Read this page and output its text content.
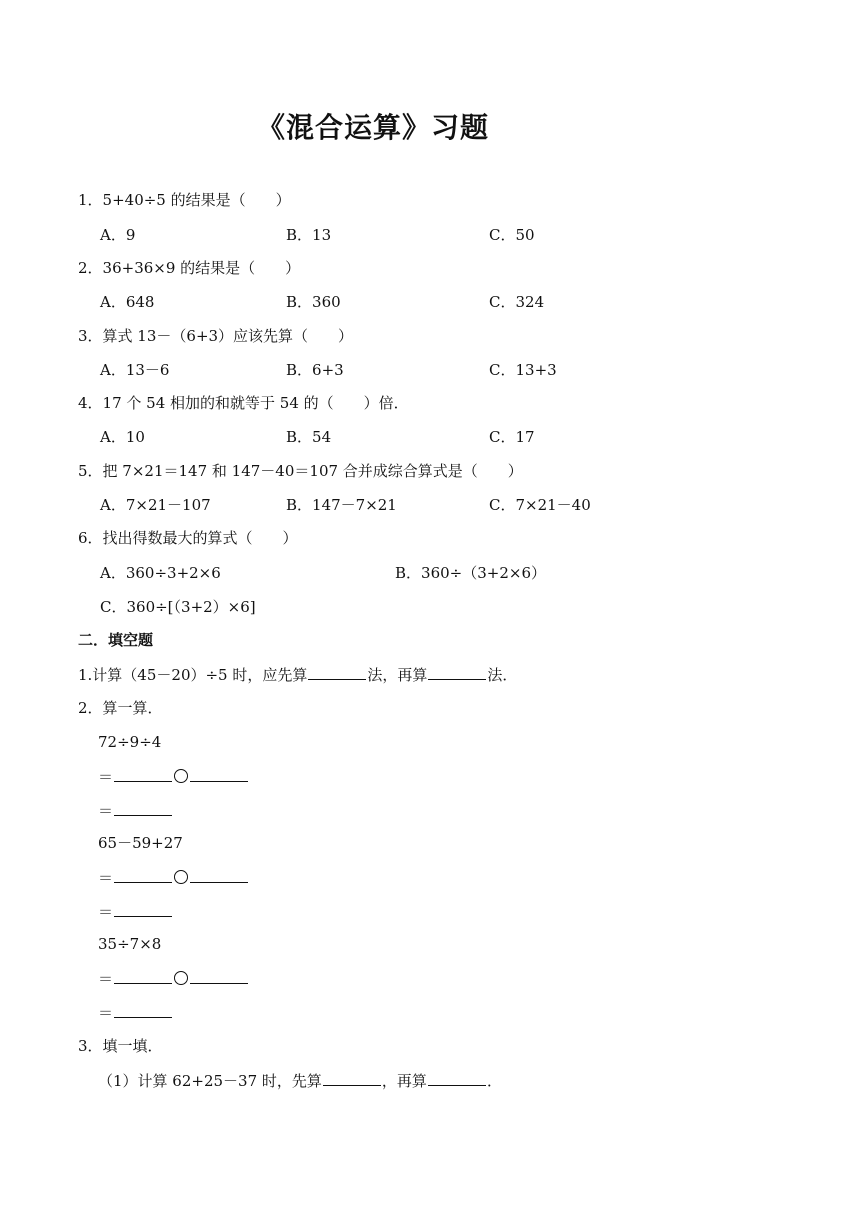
《混合运算》习题
1．5+40÷5 的结果是（　　）
A．9	B．13	C．50
2．36+36×9 的结果是（　　）
A．648	B．360	C．324
3．算式 13－（6+3）应该先算（　　）
A．13－6	B．6+3	C．13+3
4．17 个 54 相加的和就等于 54 的（　　）倍．
A．10	B．54	C．17
5．把 7×21＝147 和 147－40＝107 合并成综合算式是（　　）
A．7×21－107	B．147－7×21	C．7×21－40
6．找出得数最大的算式（　　）
A．360÷3+2×6	B．360÷（3+2×6）
C．360÷[（3+2）×6]
二．填空题
1.计算（45－20）÷5 时，应先算	法，再算	法．
2．算一算．
72÷9÷4
＝
＝
65－59+27
＝
＝
35÷7×8
＝
＝
3．填一填．
（1）计算 62+25－37 时，先算	，再算	．
